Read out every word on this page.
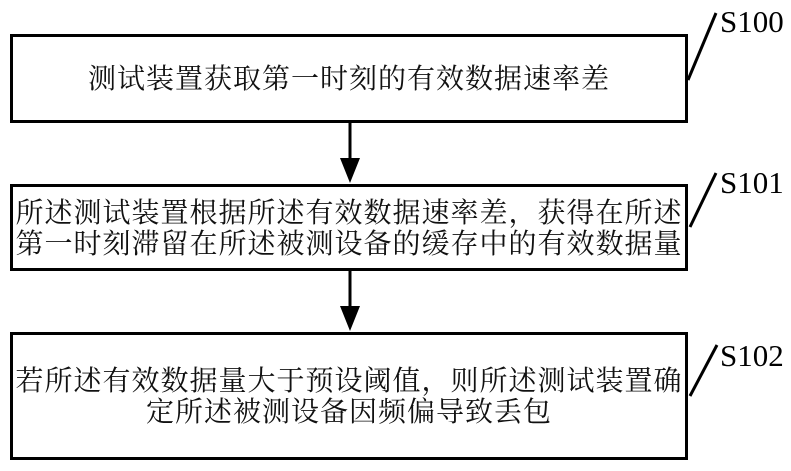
测试装置获取第一时刻的有效数据速率差
所述测试装置根据所述有效数据速率差，获得在所述
第一时刻滞留在所述被测设备的缓存中的有效数据量
若所述有效数据量大于预设阈值，则所述测试装置确
定所述被测设备因频偏导致丢包
S100
S101
S102
